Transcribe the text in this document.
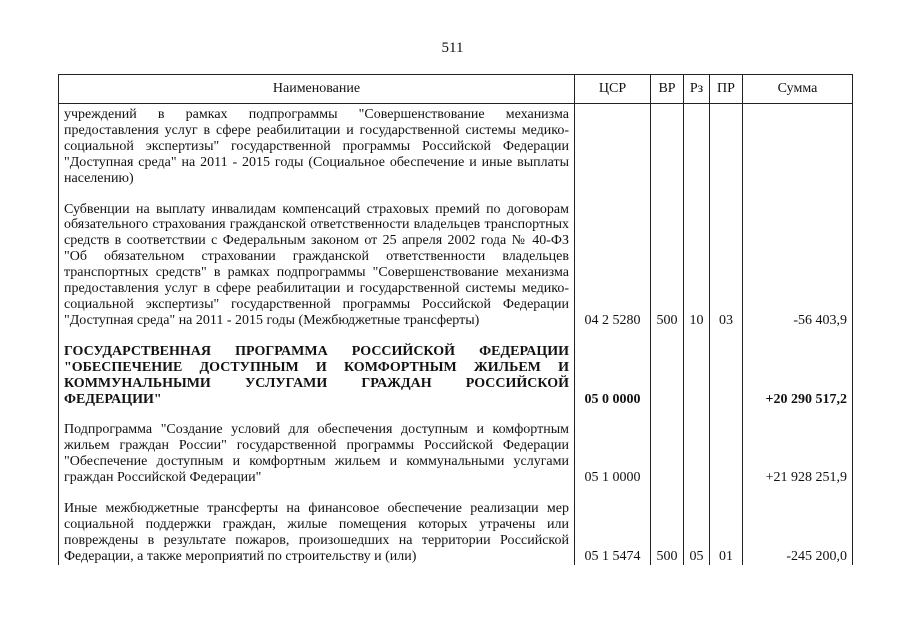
511
Наименование	ЦСР	ВР	Рз	ПР	Сумма
учреждений в рамках подпрограммы "Совершенствование механизма предоставления услуг в сфере реабилитации и государственной системы медико-социальной экспертизы" государственной программы Российской Федерации "Доступная среда" на 2011 - 2015 годы (Социальное обеспечение и иные выплаты населению)					
Субвенции на выплату инвалидам компенсаций страховых премий по договорам обязательного страхования гражданской ответственности владельцев транспортных средств в соответствии с Федеральным законом от 25 апреля 2002 года № 40-ФЗ "Об обязательном страховании гражданской ответственности владельцев транспортных средств" в рамках подпрограммы "Совершенствование механизма предоставления услуг в сфере реабилитации и государственной системы медико-социальной экспертизы" государственной программы Российской Федерации "Доступная среда" на 2011 - 2015 годы (Межбюджетные трансферты)	04 2 5280	500	10	03	-56 403,9
ГОСУДАРСТВЕННАЯ ПРОГРАММА РОССИЙСКОЙ ФЕДЕРАЦИИ "ОБЕСПЕЧЕНИЕ ДОСТУПНЫМ И КОМФОРТНЫМ ЖИЛЬЕМ И КОММУНАЛЬНЫМИ УСЛУГАМИ ГРАЖДАН РОССИЙСКОЙ ФЕДЕРАЦИИ"	05 0 0000				+20 290 517,2
Подпрограмма "Создание условий для обеспечения доступным и комфортным жильем граждан России" государственной программы Российской Федерации "Обеспечение доступным и комфортным жильем и коммунальными услугами граждан Российской Федерации"	05 1 0000				+21 928 251,9
Иные межбюджетные трансферты на финансовое обеспечение реализации мер социальной поддержки граждан, жилые помещения которых утрачены или повреждены в результате пожаров, произошедших на территории Российской Федерации, а также мероприятий по строительству и (или)	05 1 5474	500	05	01	-245 200,0
